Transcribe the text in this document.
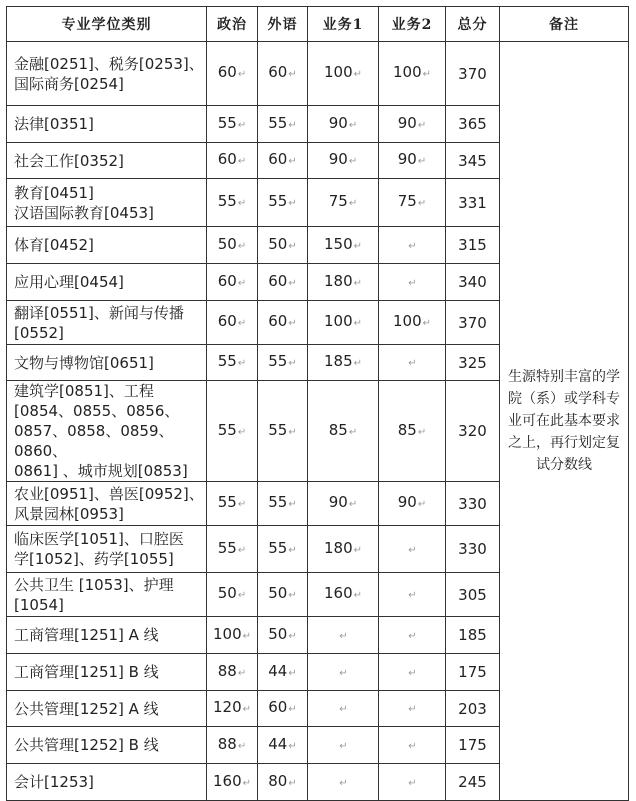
专业学位类别	政治	外语	业务1	业务2	总分	备注
金融[0251]、税务[0253]、
国际商务[0254]	60↵	60↵	100↵	100↵	370	生源特别丰富的学院（系）或学科专业可在此基本要求之上，再行划定复试分数线
法律[0351]	55↵	55↵	90↵	90↵	365	
社会工作[0352]	60↵	60↵	90↵	90↵	345	
教育[0451]
汉语国际教育[0453]	55↵	55↵	75↵	75↵	331	
体育[0452]	50↵	50↵	150↵	↵	315	
应用心理[0454]	60↵	60↵	180↵	↵	340	
翻译[0551]、新闻与传播
[0552]	60↵	60↵	100↵	100↵	370	
文物与博物馆[0651]	55↵	55↵	185↵	↵	325	
建筑学[0851]、工程
[0854、0855、0856、
0857、0858、0859、0860、
0861] 、城市规划[0853]	55↵	55↵	85↵	85↵	320	
农业[0951]、兽医[0952]、
风景园林[0953]	55↵	55↵	90↵	90↵	330	
临床医学[1051]、口腔医
学[1052]、药学[1055]	55↵	55↵	180↵	↵	330	
公共卫生 [1053]、护理
[1054]	50↵	50↵	160↵	↵	305	
工商管理[1251] A 线	100↵	50↵	↵	↵	185	
工商管理[1251] B 线	88↵	44↵	↵	↵	175	
公共管理[1252] A 线	120↵	60↵	↵	↵	203	
公共管理[1252] B 线	88↵	44↵	↵	↵	175	
会计[1253]	160↵	80↵	↵	↵	245	
